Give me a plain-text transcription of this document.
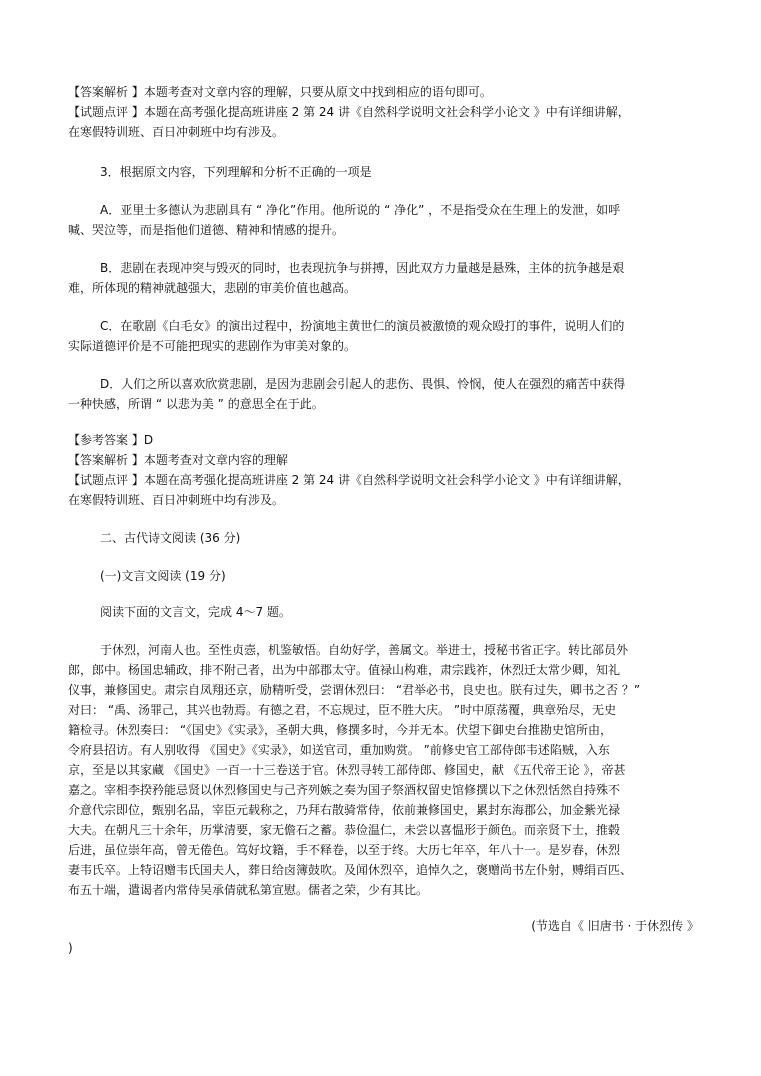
【答案解析 】本题考查对文章内容的理解，只要从原文中找到相应的语句即可。
【试题点评 】本题在高考强化提高班讲座 2 第 24 讲《自然科学说明文社会科学小论文 》中有详细讲解，
在寒假特训班、百日冲刺班中均有涉及。
3．根据原文内容，下列理解和分析不正确的一项是
A．亚里士多德认为悲剧具有 “ 净化”作用。他所说的 “ 净化” ，不是指受众在生理上的发泄，如呼
喊、哭泣等，而是指他们道德、精神和情感的提升。
B．悲剧在表现冲突与毁灭的同时，也表现抗争与拼搏，因此双方力量越是悬殊，主体的抗争越是艰
难，所体现的精神就越强大，悲剧的审美价值也越高。
C．在歌剧《白毛女》的演出过程中，扮演地主黄世仁的演员被激愤的观众殴打的事件，说明人们的
实际道德评价是不可能把现实的悲剧作为审美对象的。
D．人们之所以喜欢欣赏悲剧，是因为悲剧会引起人的悲伤、畏惧、怜悯，使人在强烈的痛苦中获得
一种快感，所谓 “ 以悲为美 ” 的意思全在于此。
【参考答案 】D
【答案解析 】本题考查对文章内容的理解
【试题点评 】本题在高考强化提高班讲座 2 第 24 讲《自然科学说明文社会科学小论文 》中有详细讲解，
在寒假特训班、百日冲刺班中均有涉及。
二、古代诗文阅读 (36 分)
(一)文言文阅读 (19 分)
阅读下面的文言文，完成 4～7 题。
于休烈，河南人也。至性贞悫，机鉴敏悟。自幼好学，善属文。举进士，授秘书省正字。转比部员外
郎，郎中。杨国忠辅政，排不附己者，出为中部郡太守。值禄山构难，肃宗践祚，休烈迁太常少卿，知礼
仪事，兼修国史。肃宗自凤翔还京，励精听受，尝谓休烈曰： “君举必书，良史也。朕有过失，卿书之否 ？”
对曰： “禹、汤罪己，其兴也勃焉。有德之君，不忘规过，臣不胜大庆。 ”时中原荡覆，典章殆尽，无史
籍检寻。休烈奏曰： “《国史》《实录》，圣朝大典，修撰多时，今并无本。伏望下御史台推勘史馆所由，
令府县招访。有人别收得 《国史》《实录》，如送官司，重加购赏。 ”前修史官工部侍郎韦述陷贼，入东
京，至是以其家藏 《国史》一百一十三卷送于官。休烈寻转工部侍郎、修国史，献 《五代帝王论 》，帝甚
嘉之。宰相李揆矜能忌贤以休烈修国史与己齐列嫉之奏为国子祭酒权留史馆修撰以下之休烈恬然自持殊不
介意代宗即位，甄别名品，宰臣元载称之，乃拜右散骑常侍，依前兼修国史，累封东海郡公，加金紫光禄
大夫。在朝凡三十余年，历掌清要，家无儋石之蓄。恭俭温仁，未尝以喜愠形于颜色。而亲贤下士，推毂
后进，虽位崇年高，曾无倦色。笃好坟籍，手不释卷，以至于终。大历七年卒，年八十一。是岁春，休烈
妻韦氏卒。上特诏赠韦氏国夫人，葬日给卤簿鼓吹。及闻休烈卒，追悼久之，褒赠尚书左仆射，赙绢百匹、
布五十端，遣谒者内常侍吴承倩就私第宣慰。儒者之荣，少有其比。
(节选自《 旧唐书 · 于休烈传 》
)
